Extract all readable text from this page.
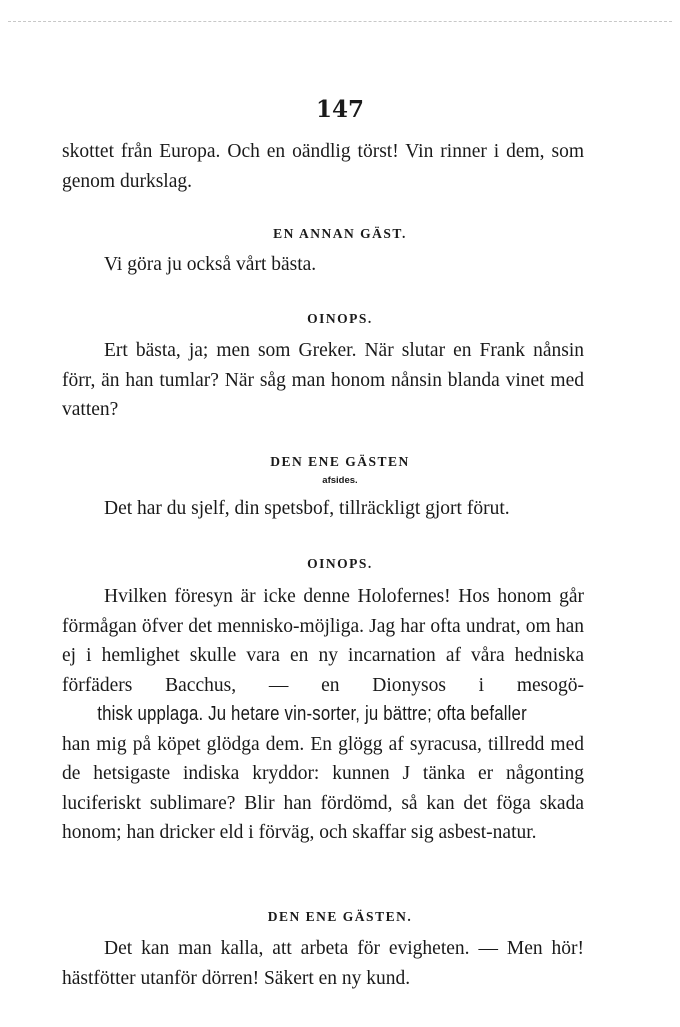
147

skottet från Europa. Och en oändlig törst! Vin rinner i dem, som genom durkslag.

EN ANNAN GÄST.

Vi göra ju också vårt bästa.

OINOPS.

Ert bästa, ja; men som Greker. När slutar en Frank nånsin förr, än han tumlar? När såg man honom nånsin blanda vinet med vatten?

DEN ENE GÄSTEN
afsides.

Det har du sjelf, din spetsbof, tillräckligt gjort förut.

OINOPS.

Hvilken föresyn är icke denne Holofernes! Hos honom går förmågan öfver det mennisko-möjliga. Jag har ofta undrat, om han ej i hemlighet skulle vara en ny incarnation af våra hedniska förfäders Bacchus, — en Dionysos i mesogö- thisk upplaga. Ju hetare vin-sorter, ju bättre; ofta befaller han mig på köpet glödga dem. En glögg af syracusa, tillredd med de hetsigaste indiska kryddor: kunnen J tänka er någonting luciferiskt sublimare? Blir han fördömd, så kan det föga skada honom; han dricker eld i förväg, och skaffar sig asbest-natur.

DEN ENE GÄSTEN.

Det kan man kalla, att arbeta för evigheten. — Men hör! hästfötter utanför dörren! Säkert en ny kund.
